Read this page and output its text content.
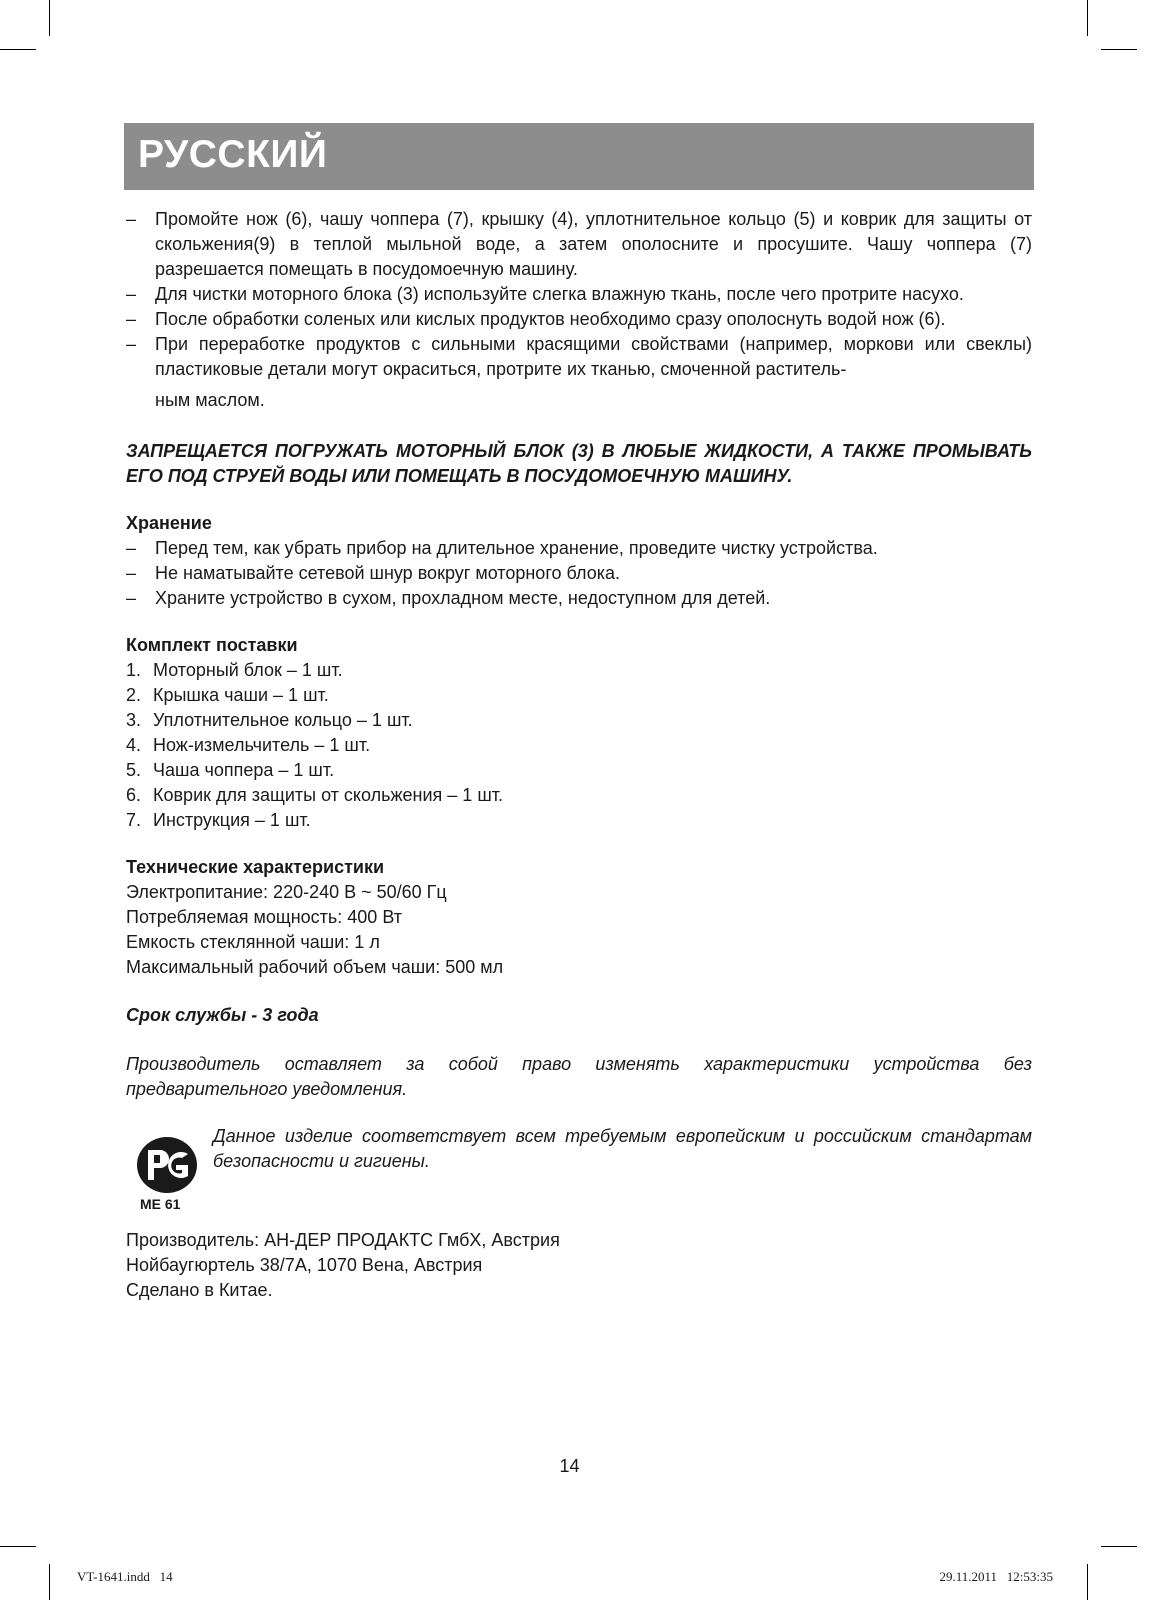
РУССКИЙ
– Промойте нож (6), чашу чоппера (7), крышку (4), уплотнительное кольцо (5) и коврик для защиты от скольжения(9) в теплой мыльной воде, а затем ополосните и просушите. Чашу чоппера (7) разрешается помещать в посудомоечную машину.
– Для чистки моторного блока (3) используйте слегка влажную ткань, после чего протрите насухо.
– После обработки соленых или кислых продуктов необходимо сразу ополоснуть водой нож (6).
– При переработке продуктов с сильными красящими свойствами (например, моркови или свеклы) пластиковые детали могут окраситься, протрите их тканью, смоченной раститель-
ным маслом.
ЗАПРЕЩАЕТСЯ ПОГРУЖАТЬ МОТОРНЫЙ БЛОК (3) В ЛЮБЫЕ ЖИДКОСТИ, А ТАКЖЕ ПРОМЫВАТЬ ЕГО ПОД СТРУЕЙ ВОДЫ ИЛИ ПОМЕЩАТЬ В ПОСУДОМОЕЧНУЮ МАШИНУ.
Хранение
– Перед тем, как убрать прибор на длительное хранение, проведите чистку устройства.
– Не наматывайте сетевой шнур вокруг моторного блока.
– Храните устройство в сухом, прохладном месте, недоступном для детей.
Комплект поставки
1. Моторный блок – 1 шт.
2. Крышка чаши – 1 шт.
3. Уплотнительное кольцо – 1 шт.
4. Нож-измельчитель – 1 шт.
5. Чаша чоппера – 1 шт.
6. Коврик для защиты от скольжения – 1 шт.
7. Инструкция – 1 шт.
Технические характеристики

Электропитание: 220-240 В ~ 50/60 Гц

Потребляемая мощность: 400 Вт

Емкость стеклянной чаши: 1 л

Максимальный рабочий объем чаши: 500 мл

Срок службы - 3 года
Производитель оставляет за собой право изменять характеристики устройства без предварительного уведомления.
МЕ 61
Данное изделие соответствует всем требуемым европейским и российским стандартам безопасности и гигиены.

Производитель: АН-ДЕР ПРОДАКТС ГмбХ, Австрия

Нойбаугюртель 38/7А, 1070 Вена, Австрия

Сделано в Китае.

14
VT-1641.indd   14	29.11.2011   12:53:35
